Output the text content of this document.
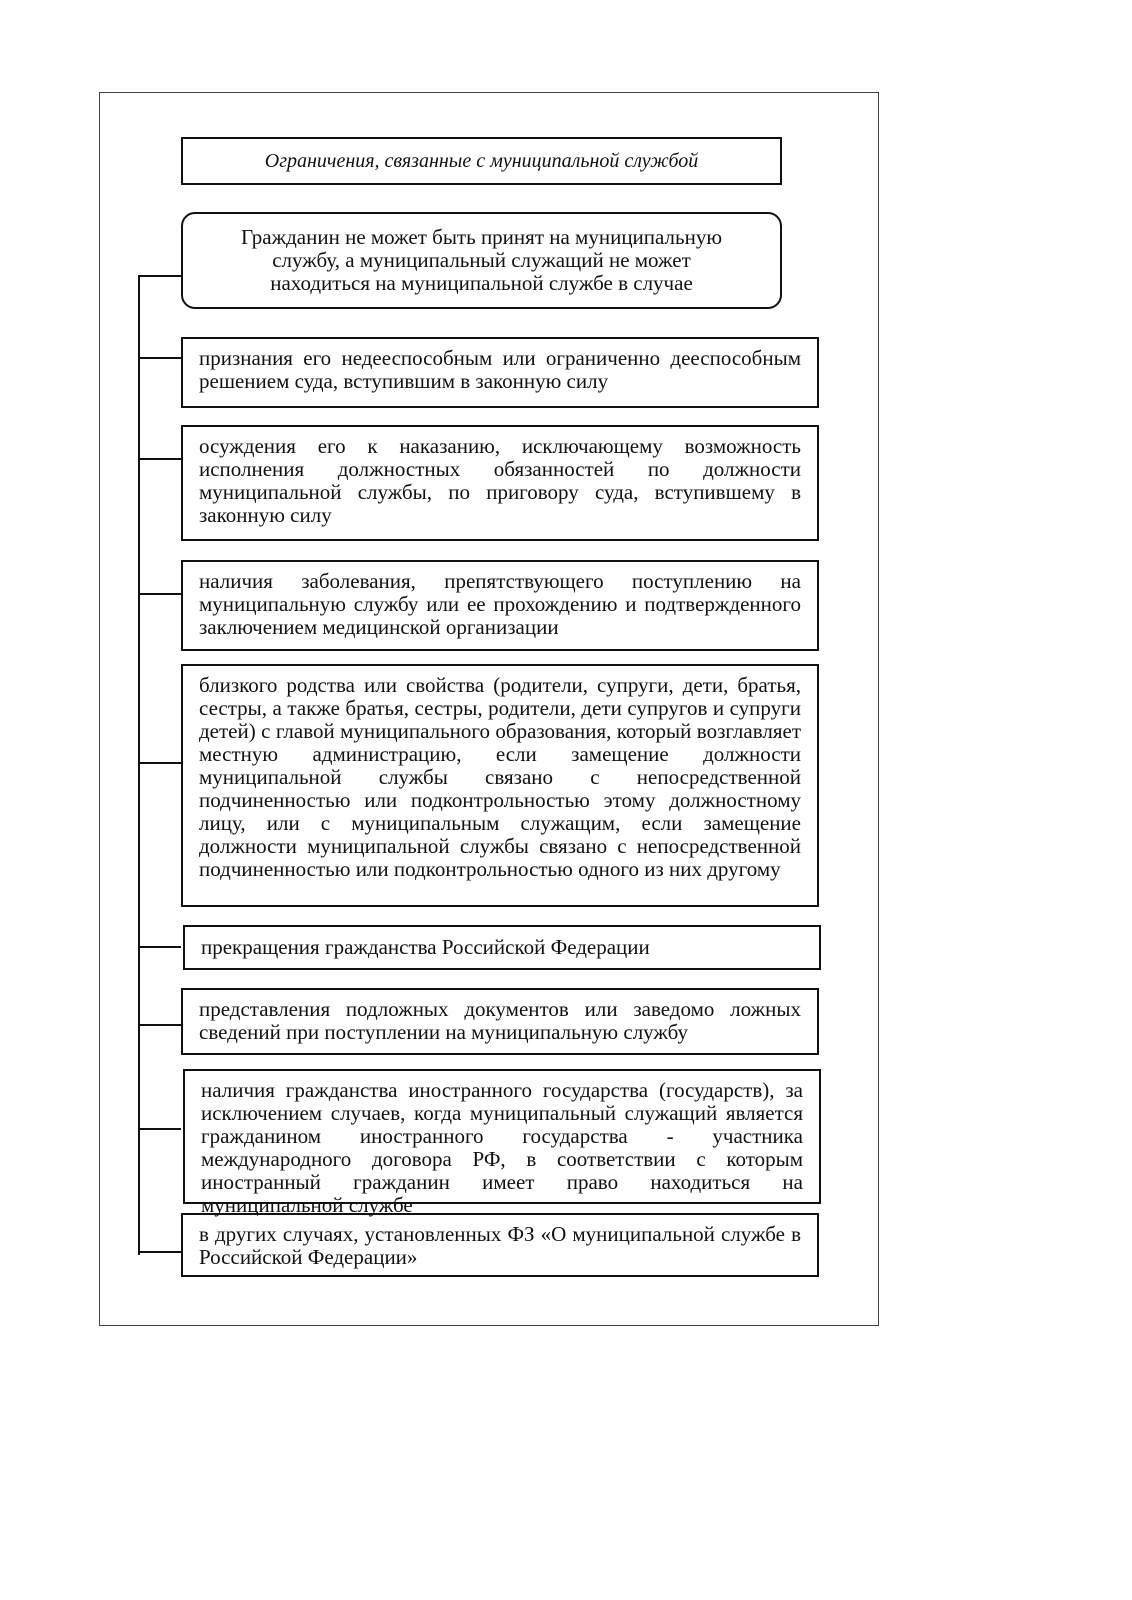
Ограничения, связанные с муниципальной службой
Гражданин не может быть принят на муниципальную службу, а муниципальный служащий не может находиться на муниципальной службе в случае
признания его недееспособным или ограниченно дееспособным решением суда, вступившим в законную силу
осуждения его к наказанию, исключающему возможность исполнения должностных обязанностей по должности муниципальной службы, по приговору суда, вступившему в законную силу
наличия заболевания, препятствующего поступлению на муниципальную службу или ее прохождению и подтвержденного заключением медицинской организации
близкого родства или свойства (родители, супруги, дети, братья, сестры, а также братья, сестры, родители, дети супругов и супруги детей) с главой муниципального образования, который возглавляет местную администрацию, если замещение должности муниципальной службы связано с непосредственной подчиненностью или подконтрольностью этому должностному лицу, или с муниципальным служащим, если замещение должности муниципальной службы связано с непосредственной подчиненностью или подконтрольностью одного из них другому
прекращения гражданства Российской Федерации
представления подложных документов или заведомо ложных сведений при поступлении на муниципальную службу
наличия гражданства иностранного государства (государств), за исключением случаев, когда муниципальный служащий является гражданином иностранного государства - участника международного договора РФ, в соответствии с которым иностранный гражданин имеет право находиться на муниципальной службе
в других случаях, установленных ФЗ «О муниципальной службе в Российской Федерации»
